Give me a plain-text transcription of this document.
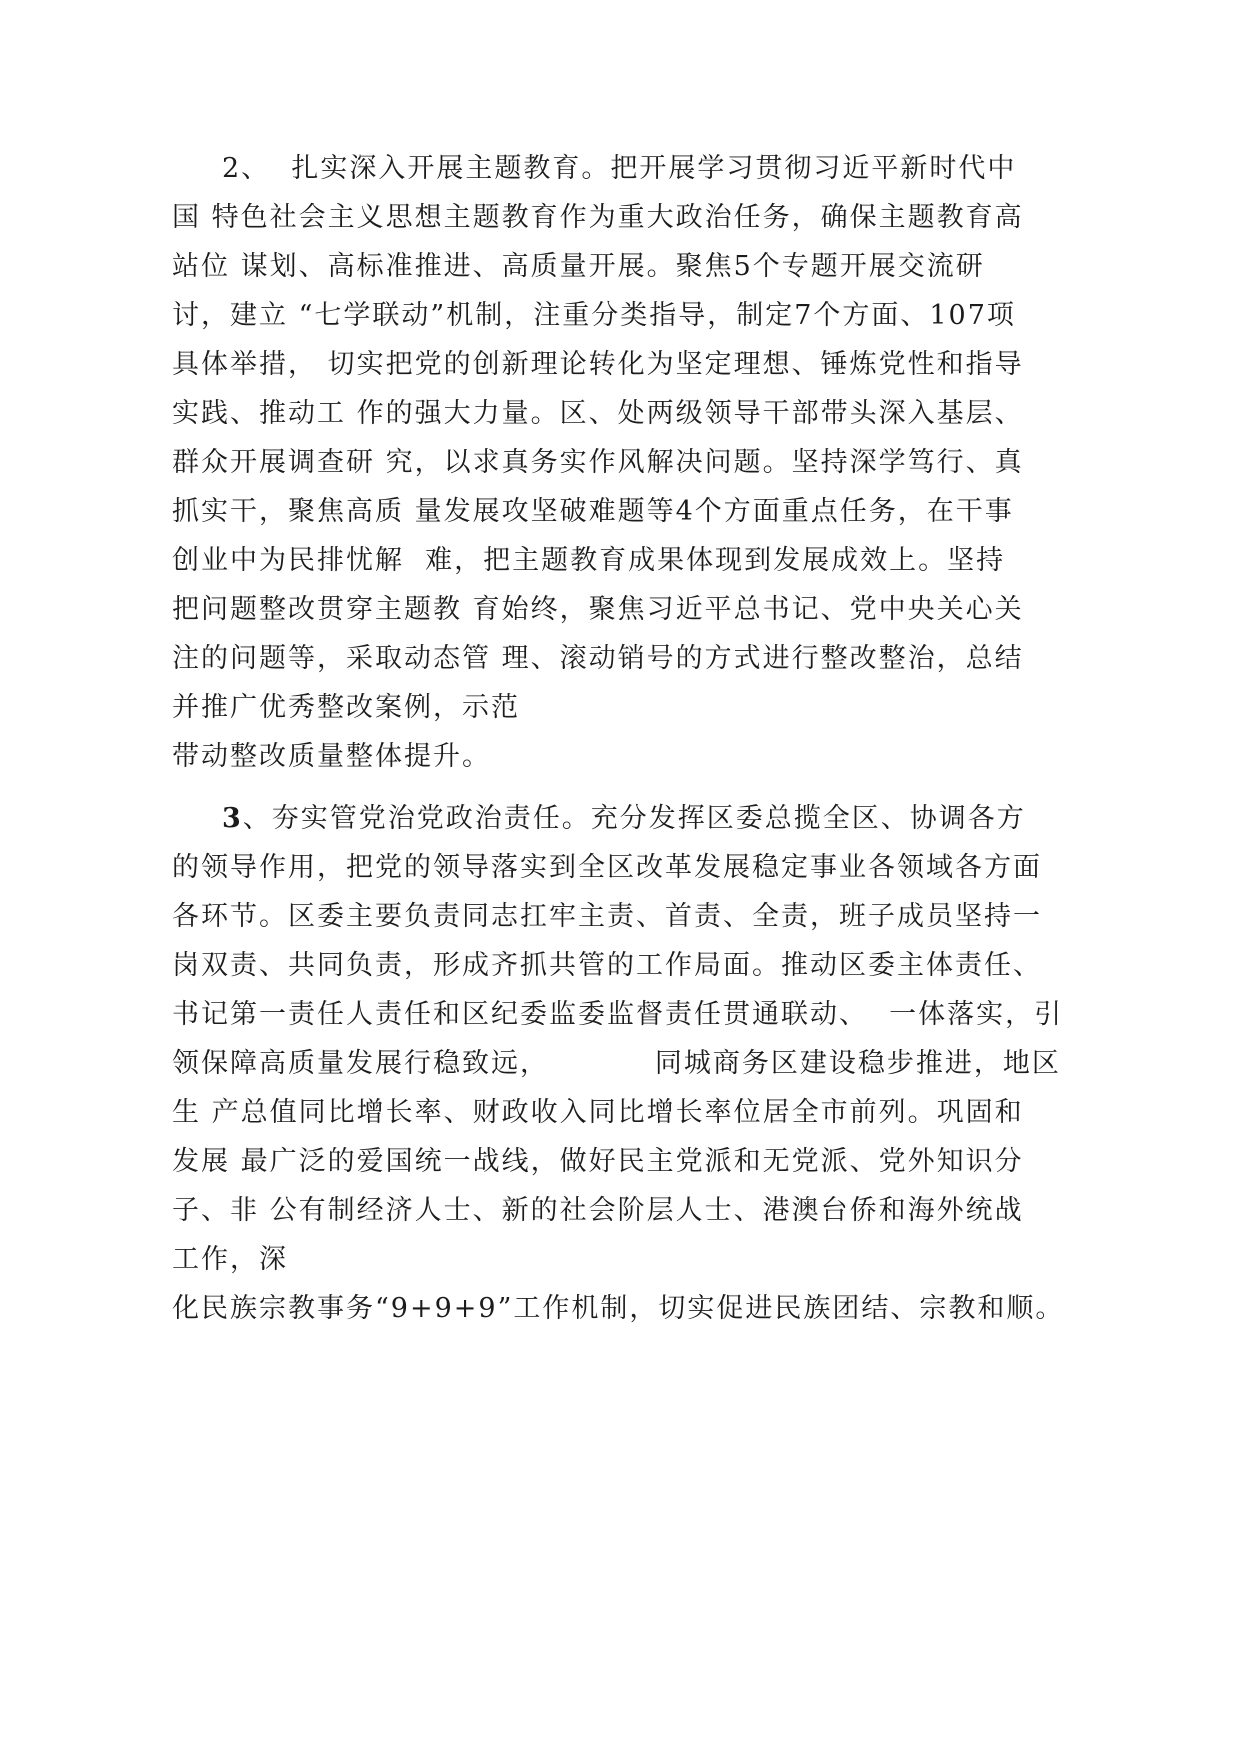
2、  扎实深入开展主题教育。把开展学习贯彻习近平新时代中
国 特色社会主义思想主题教育作为重大政治任务，确保主题教育高
站位 谋划、高标准推进、高质量开展。聚焦5个专题开展交流研
讨，建立 “七学联动”机制，注重分类指导，制定7个方面、107项
具体举措， 切实把党的创新理论转化为坚定理想、锤炼党性和指导
实践、推动工 作的强大力量。区、处两级领导干部带头深入基层、
群众开展调查研 究，以求真务实作风解决问题。坚持深学笃行、真
抓实干，聚焦高质 量发展攻坚破难题等4个方面重点任务，在干事
创业中为民排忧解  难，把主题教育成果体现到发展成效上。坚持
把问题整改贯穿主题教 育始终，聚焦习近平总书记、党中央关心关
注的问题等，采取动态管 理、滚动销号的方式进行整改整治，总结
并推广优秀整改案例，示范
带动整改质量整体提升。
3、夯实管党治党政治责任。充分发挥区委总揽全区、协调各方
的领导作用，把党的领导落实到全区改革发展稳定事业各领域各方面
各环节。区委主要负责同志扛牢主责、首责、全责，班子成员坚持一
岗双责、共同负责，形成齐抓共管的工作局面。推动区委主体责任、
书记第一责任人责任和区纪委监委监督责任贯通联动、  一体落实，引
领保障高质量发展行稳致远，          同城商务区建设稳步推进，地区
生 产总值同比增长率、财政收入同比增长率位居全市前列。巩固和
发展 最广泛的爱国统一战线，做好民主党派和无党派、党外知识分
子、非 公有制经济人士、新的社会阶层人士、港澳台侨和海外统战
工作，深
化民族宗教事务“9+9+9”工作机制，切实促进民族团结、宗教和顺。
